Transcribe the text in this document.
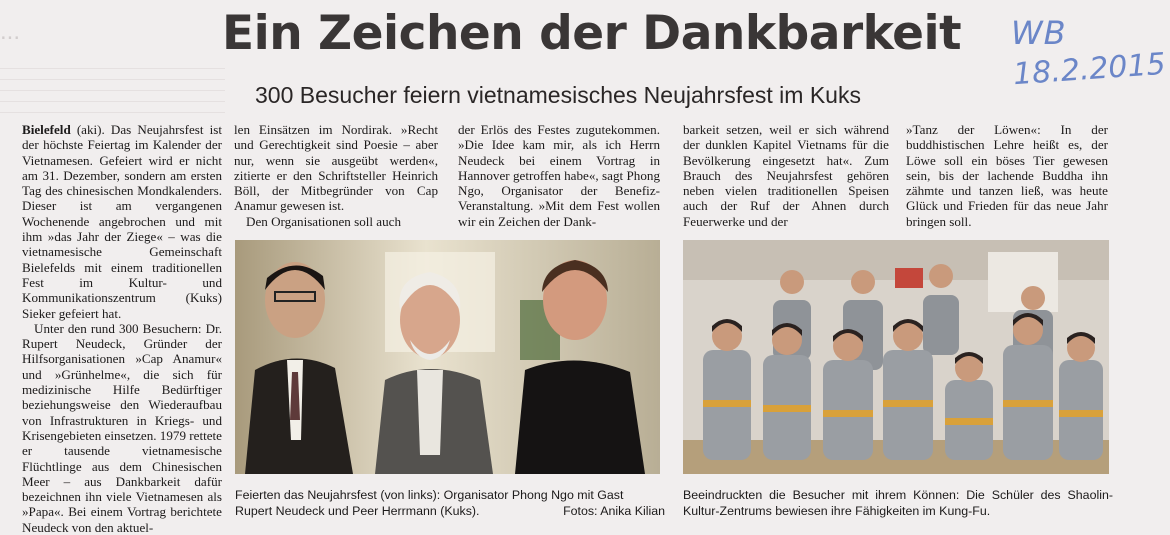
...	Ein Zeichen der Dankbarkeit
300 Besucher feiern vietnamesisches Neujahrsfest im Kuks
WB
18.2.2015

Bielefeld (aki). Das Neujahrsfest ist der höchste Feiertag im Kalender der Vietnamesen. Gefeiert wird er nicht am 31. Dezember, sondern am ersten Tag des chinesischen Mondkalenders. Dieser ist am vergangenen Wochenende angebrochen und mit ihm »das Jahr der Ziege« – was die vietnamesische Gemeinschaft Bielefelds mit einem traditionellen Fest im Kultur- und Kommunikationszentrum (Kuks) Sieker gefeiert hat.

Unter den rund 300 Besuchern: Dr. Rupert Neudeck, Gründer der Hilfsorganisationen »Cap Anamur« und »Grünhelme«, die sich für medizinische Hilfe Bedürftiger beziehungsweise den Wiederaufbau von Infrastrukturen in Kriegs- und Krisengebieten einsetzen. 1979 rettete er tausende vietnamesische Flüchtlinge aus dem Chinesischen Meer – aus Dankbarkeit dafür bezeichnen ihn viele Vietnamesen als »Papa«. Bei einem Vortrag berichtete Neudeck von den aktuel-

len Einsätzen im Nordirak. »Recht und Gerechtigkeit sind Poesie – aber nur, wenn sie ausgeübt werden«, zitierte er den Schriftsteller Heinrich Böll, der Mitbegründer von Cap Anamur gewesen ist.

Den Organisationen soll auch

der Erlös des Festes zugutekommen. »Die Idee kam mir, als ich Herrn Neudeck bei einem Vortrag in Hannover getroffen habe«, sagt Phong Ngo, Organisator der Benefiz-Veranstaltung. »Mit dem Fest wollen wir ein Zeichen der Dank-

barkeit setzen, weil er sich während der dunklen Kapitel Vietnams für die Bevölkerung eingesetzt hat«. Zum Brauch des Neujahrsfest gehören neben vielen traditionellen Speisen auch der Ruf der Ahnen durch Feuerwerke und der

»Tanz der Löwen«: In der buddhistischen Lehre heißt es, der Löwe soll ein böses Tier gewesen sein, bis der lachende Buddha ihn zähmte und tanzen ließ, was heute Glück und Frieden für das neue Jahr bringen soll.

Feierten das Neujahrsfest (von links): Organisator Phong Ngo mit Gast
Rupert Neudeck und Peer Herrmann (Kuks).	Fotos: Anika Kilian
Beeindruckten die Besucher mit ihrem Können: Die Schüler des Shaolin-Kultur-Zentrums bewiesen ihre Fähigkeiten im Kung-Fu.
